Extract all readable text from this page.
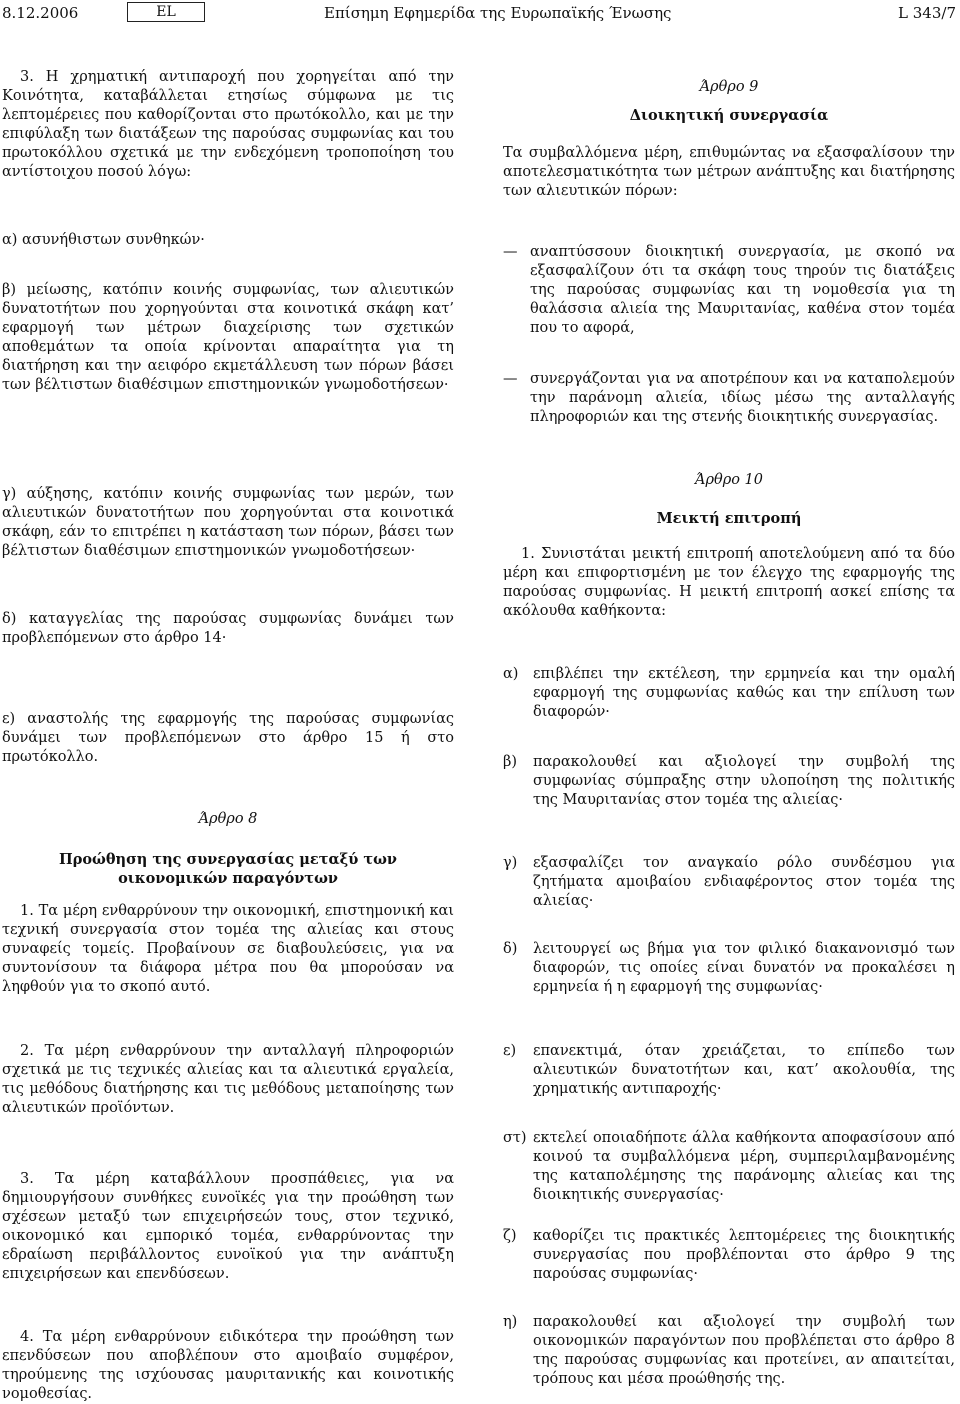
8.12.2006	EL	Επίσημη Εφημερίδα της Ευρωπαϊκής Ένωσης	L 343/7
3. Η χρηματική αντιπαροχή που χορηγείται από την Κοινότητα, καταβάλλεται ετησίως σύμφωνα με τις λεπτομέρειες που καθορίζονται στο πρωτόκολλο, και με την επιφύλαξη των διατάξεων της παρούσας συμφωνίας και του πρωτοκόλλου σχετικά με την ενδεχόμενη τροποποίηση του αντίστοιχου ποσού λόγω:
α) ασυνήθιστων συνθηκών·
β) μείωσης, κατόπιν κοινής συμφωνίας, των αλιευτικών δυνατοτήτων που χορηγούνται στα κοινοτικά σκάφη κατ’ εφαρμογή των μέτρων διαχείρισης των σχετικών αποθεμάτων τα οποία κρίνονται απαραίτητα για τη διατήρηση και την αειφόρο εκμετάλλευση των πόρων βάσει των βέλτιστων διαθέσιμων επιστημονικών γνωμοδοτήσεων·
γ) αύξησης, κατόπιν κοινής συμφωνίας των μερών, των αλιευτικών δυνατοτήτων που χορηγούνται στα κοινοτικά σκάφη, εάν το επιτρέπει η κατάσταση των πόρων, βάσει των βέλτιστων διαθέσιμων επιστημονικών γνωμοδοτήσεων·
δ) καταγγελίας της παρούσας συμφωνίας δυνάμει των προβλεπόμενων στο άρθρο 14·
ε) αναστολής της εφαρμογής της παρούσας συμφωνίας δυνάμει των προβλεπόμενων στο άρθρο 15 ή στο πρωτόκολλο.
Άρθρο 8
Προώθηση της συνεργασίας μεταξύ των οικονομικών παραγόντων
1. Τα μέρη ενθαρρύνουν την οικονομική, επιστημονική και τεχνική συνεργασία στον τομέα της αλιείας και στους συναφείς τομείς. Προβαίνουν σε διαβουλεύσεις, για να συντονίσουν τα διάφορα μέτρα που θα μπορούσαν να ληφθούν για το σκοπό αυτό.
2. Τα μέρη ενθαρρύνουν την ανταλλαγή πληροφοριών σχετικά με τις τεχνικές αλιείας και τα αλιευτικά εργαλεία, τις μεθόδους διατήρησης και τις μεθόδους μεταποίησης των αλιευτικών προϊόντων.
3. Τα μέρη καταβάλλουν προσπάθειες, για να δημιουργήσουν συνθήκες ευνοϊκές για την προώθηση των σχέσεων μεταξύ των επιχειρήσεών τους, στον τεχνικό, οικονομικό και εμπορικό τομέα, ενθαρρύνοντας την εδραίωση περιβάλλοντος ευνοϊκού για την ανάπτυξη επιχειρήσεων και επενδύσεων.
4. Τα μέρη ενθαρρύνουν ειδικότερα την προώθηση των επενδύσεων που αποβλέπουν στο αμοιβαίο συμφέρον, τηρούμενης της ισχύουσας μαυριτανικής και κοινοτικής νομοθεσίας.
Άρθρο 9
Διοικητική συνεργασία
Τα συμβαλλόμενα μέρη, επιθυμώντας να εξασφαλίσουν την αποτελεσματικότητα των μέτρων ανάπτυξης και διατήρησης των αλιευτικών πόρων:
— αναπτύσσουν διοικητική συνεργασία, με σκοπό να εξασφαλίζουν ότι τα σκάφη τους τηρούν τις διατάξεις της παρούσας συμφωνίας και τη νομοθεσία για τη θαλάσσια αλιεία της Μαυριτανίας, καθένα στον τομέα που το αφορά,
— συνεργάζονται για να αποτρέπουν και να καταπολεμούν την παράνομη αλιεία, ιδίως μέσω της ανταλλαγής πληροφοριών και της στενής διοικητικής συνεργασίας.
Άρθρο 10
Μεικτή επιτροπή
1. Συνιστάται μεικτή επιτροπή αποτελούμενη από τα δύο μέρη και επιφορτισμένη με τον έλεγχο της εφαρμογής της παρούσας συμφωνίας. Η μεικτή επιτροπή ασκεί επίσης τα ακόλουθα καθήκοντα:
α) επιβλέπει την εκτέλεση, την ερμηνεία και την ομαλή εφαρμογή της συμφωνίας καθώς και την επίλυση των διαφορών·
β) παρακολουθεί και αξιολογεί την συμβολή της συμφωνίας σύμπραξης στην υλοποίηση της πολιτικής της Μαυριτανίας στον τομέα της αλιείας·
γ) εξασφαλίζει τον αναγκαίο ρόλο συνδέσμου για ζητήματα αμοιβαίου ενδιαφέροντος στον τομέα της αλιείας·
δ) λειτουργεί ως βήμα για τον φιλικό διακανονισμό των διαφορών, τις οποίες είναι δυνατόν να προκαλέσει η ερμηνεία ή η εφαρμογή της συμφωνίας·
ε) επανεκτιμά, όταν χρειάζεται, το επίπεδο των αλιευτικών δυνατοτήτων και, κατ’ ακολουθία, της χρηματικής αντιπαροχής·
στ) εκτελεί οποιαδήποτε άλλα καθήκοντα αποφασίσουν από κοινού τα συμβαλλόμενα μέρη, συμπεριλαμβανομένης της καταπολέμησης της παράνομης αλιείας και της διοικητικής συνεργασίας·
ζ) καθορίζει τις πρακτικές λεπτομέρειες της διοικητικής συνεργασίας που προβλέπονται στο άρθρο 9 της παρούσας συμφωνίας·
η) παρακολουθεί και αξιολογεί την συμβολή των οικονομικών παραγόντων που προβλέπεται στο άρθρο 8 της παρούσας συμφωνίας και προτείνει, αν απαιτείται, τρόπους και μέσα προώθησής της.
